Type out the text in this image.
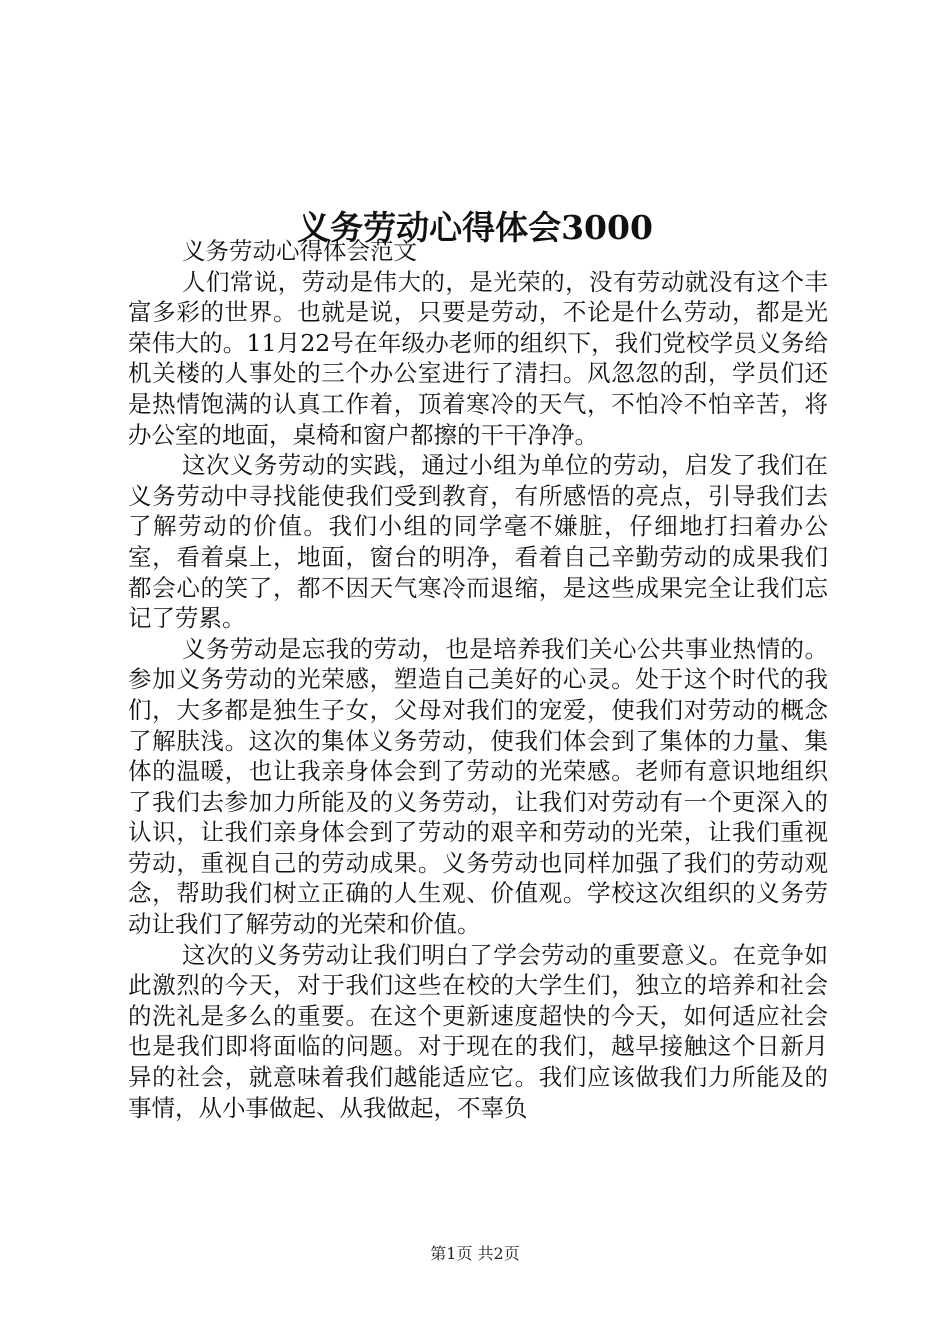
义务劳动心得体会3000

义务劳动心得体会范文

人们常说，劳动是伟大的，是光荣的，没有劳动就没有这个丰富多彩的世界。也就是说，只要是劳动，不论是什么劳动，都是光荣伟大的。11月22号在年级办老师的组织下，我们党校学员义务给机关楼的人事处的三个办公室进行了清扫。风忽忽的刮，学员们还是热情饱满的认真工作着，顶着寒冷的天气，不怕冷不怕辛苦，将办公室的地面，桌椅和窗户都擦的干干净净。

这次义务劳动的实践，通过小组为单位的劳动，启发了我们在义务劳动中寻找能使我们受到教育，有所感悟的亮点，引导我们去了解劳动的价值。我们小组的同学毫不嫌脏，仔细地打扫着办公室，看着桌上，地面，窗台的明净，看着自己辛勤劳动的成果我们都会心的笑了，都不因天气寒冷而退缩，是这些成果完全让我们忘记了劳累。

义务劳动是忘我的劳动，也是培养我们关心公共事业热情的。参加义务劳动的光荣感，塑造自己美好的心灵。处于这个时代的我们，大多都是独生子女，父母对我们的宠爱，使我们对劳动的概念了解肤浅。这次的集体义务劳动，使我们体会到了集体的力量、集体的温暖，也让我亲身体会到了劳动的光荣感。老师有意识地组织了我们去参加力所能及的义务劳动，让我们对劳动有一个更深入的认识，让我们亲身体会到了劳动的艰辛和劳动的光荣，让我们重视劳动，重视自己的劳动成果。义务劳动也同样加强了我们的劳动观念，帮助我们树立正确的人生观、价值观。学校这次组织的义务劳动让我们了解劳动的光荣和价值。

这次的义务劳动让我们明白了学会劳动的重要意义。在竞争如此激烈的今天，对于我们这些在校的大学生们，独立的培养和社会的洗礼是多么的重要。在这个更新速度超快的今天，如何适应社会也是我们即将面临的问题。对于现在的我们，越早接触这个日新月异的社会，就意味着我们越能适应它。我们应该做我们力所能及的事情，从小事做起、从我做起，不辜负

第1页 共2页
